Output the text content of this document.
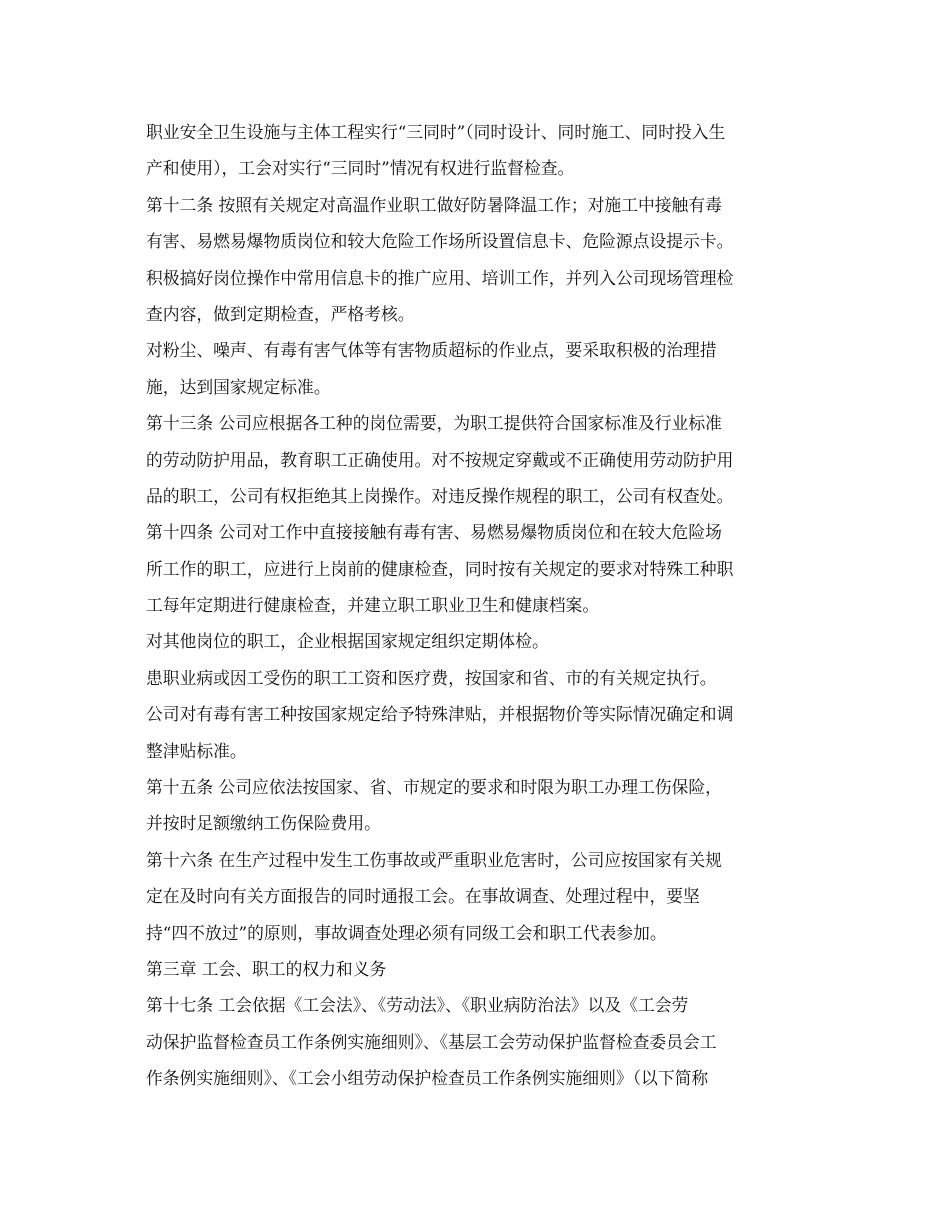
职业安全卫生设施与主体工程实行“三同时”（同时设计、同时施工、同时投入生
产和使用），工会对实行“三同时”情况有权进行监督检查。
第十二条 按照有关规定对高温作业职工做好防暑降温工作；对施工中接触有毒
有害、易燃易爆物质岗位和较大危险工作场所设置信息卡、危险源点设提示卡。
积极搞好岗位操作中常用信息卡的推广应用、培训工作，并列入公司现场管理检
查内容，做到定期检查，严格考核。
对粉尘、噪声、有毒有害气体等有害物质超标的作业点，要采取积极的治理措
施，达到国家规定标准。
第十三条 公司应根据各工种的岗位需要，为职工提供符合国家标准及行业标准
的劳动防护用品，教育职工正确使用。对不按规定穿戴或不正确使用劳动防护用
品的职工，公司有权拒绝其上岗操作。对违反操作规程的职工，公司有权查处。
第十四条 公司对工作中直接接触有毒有害、易燃易爆物质岗位和在较大危险场
所工作的职工，应进行上岗前的健康检查，同时按有关规定的要求对特殊工种职
工每年定期进行健康检查，并建立职工职业卫生和健康档案。
对其他岗位的职工，企业根据国家规定组织定期体检。
患职业病或因工受伤的职工工资和医疗费，按国家和省、市的有关规定执行。
公司对有毒有害工种按国家规定给予特殊津贴，并根据物价等实际情况确定和调
整津贴标准。
第十五条 公司应依法按国家、省、市规定的要求和时限为职工办理工伤保险，
并按时足额缴纳工伤保险费用。
第十六条 在生产过程中发生工伤事故或严重职业危害时，公司应按国家有关规
定在及时向有关方面报告的同时通报工会。在事故调查、处理过程中，要坚
持“四不放过”的原则，事故调查处理必须有同级工会和职工代表参加。
第三章 工会、职工的权力和义务
第十七条 工会依据《工会法》、《劳动法》、《职业病防治法》以及《工会劳
动保护监督检查员工作条例实施细则》、《基层工会劳动保护监督检查委员会工
作条例实施细则》、《工会小组劳动保护检查员工作条例实施细则》（以下简称
